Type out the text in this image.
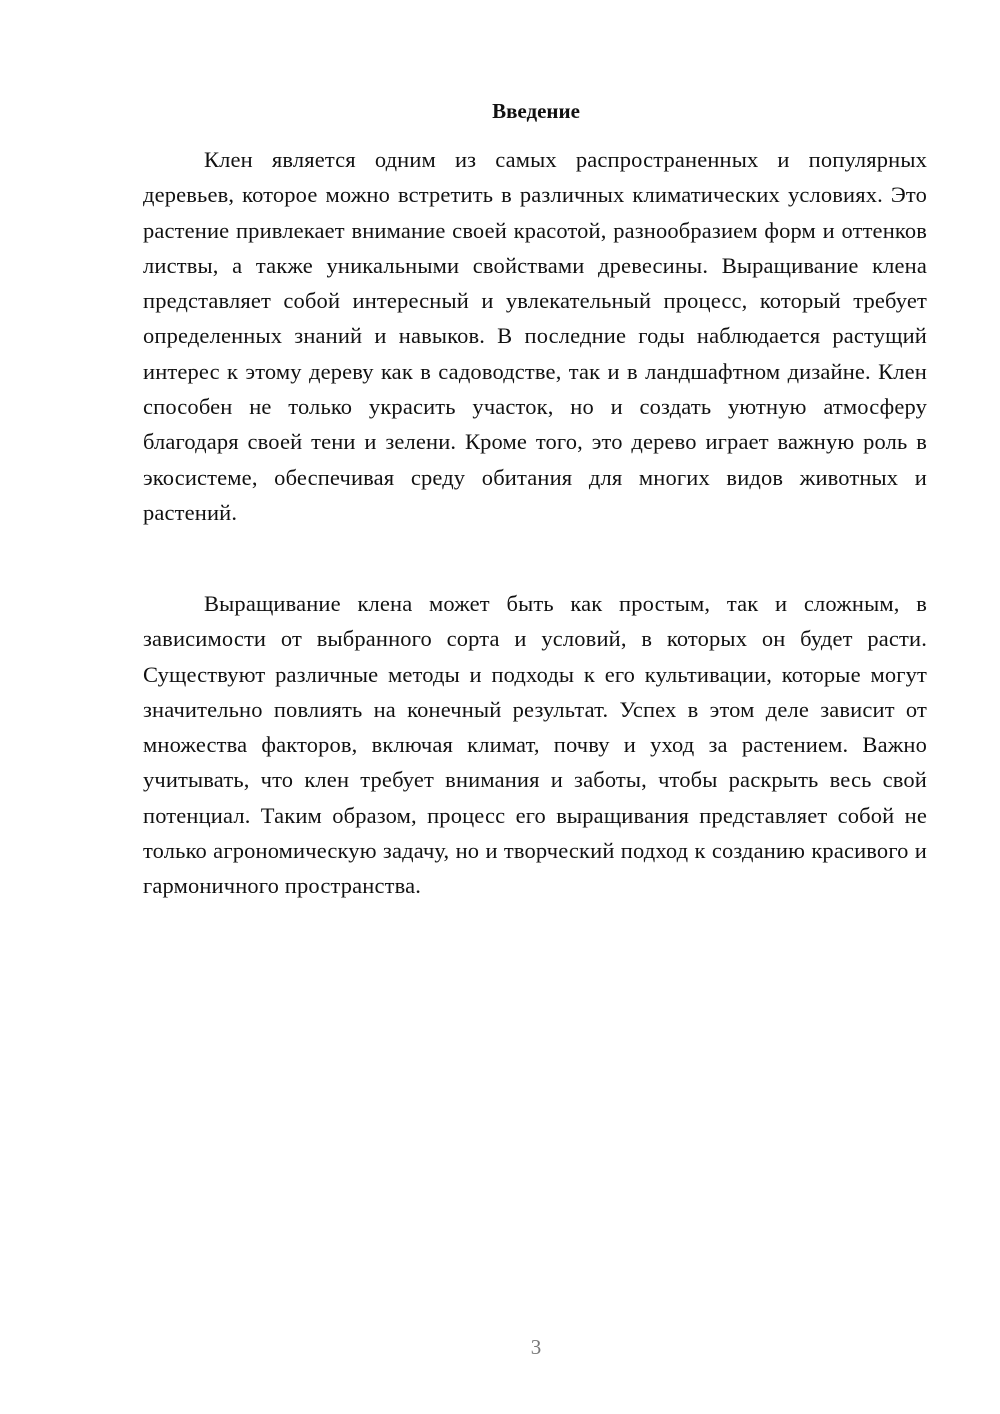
Введение

Клен является одним из самых распространенных и популярных деревьев, которое можно встретить в различных климатических условиях. Это растение привлекает внимание своей красотой, разнообразием форм и оттенков листвы, а также уникальными свойствами древесины. Выращивание клена представляет собой интересный и увлекательный процесс, который требует определенных знаний и навыков. В последние годы наблюдается растущий интерес к этому дереву как в садоводстве, так и в ландшафтном дизайне. Клен способен не только украсить участок, но и создать уютную атмосферу благодаря своей тени и зелени. Кроме того, это дерево играет важную роль в экосистеме, обеспечивая среду обитания для многих видов животных и растений.

Выращивание клена может быть как простым, так и сложным, в зависимости от выбранного сорта и условий, в которых он будет расти. Существуют различные методы и подходы к его культивации, которые могут значительно повлиять на конечный результат. Успех в этом деле зависит от множества факторов, включая климат, почву и уход за растением. Важно учитывать, что клен требует внимания и заботы, чтобы раскрыть весь свой потенциал. Таким образом, процесс его выращивания представляет собой не только агрономическую задачу, но и творческий подход к созданию красивого и гармоничного пространства.

3
